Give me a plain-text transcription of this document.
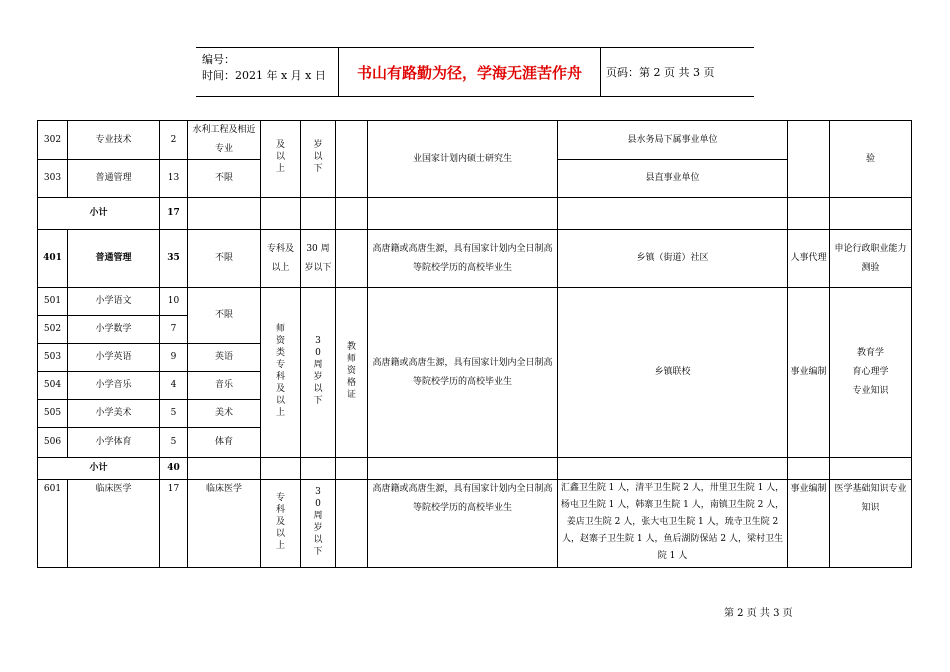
编号：
时间：2021 年 x 月 x 日	书山有路勤为径，学海无涯苦作舟	页码：第 2 页 共 3 页
302	专业技术	2	水利工程及相近专业	及以上	岁以下		业国家计划内硕士研究生	县水务局下属事业单位		验
303	普通管理	13	不限					县直事业单位		
小计		17								
401	普通管理	35	不限	专科及以上	30 周岁以下		高唐籍或高唐生源，具有国家计划内全日制高等院校学历的高校毕业生	乡镇（街道）社区	人事代理	申论行政职业能力测验
501	小学语文	10	不限	师资类专科及以上	30 周岁以下	教师资格证	高唐籍或高唐生源，具有国家计划内全日制高等院校学历的高校毕业生	乡镇联校	事业编制	教育学
育心理学
专业知识

502	小学数学	7								
503	小学英语	9	英语							
504	小学音乐	4	音乐							
505	小学美术	5	美术							
506	小学体育	5	体育							
小计		40								
601	临床医学	17	临床医学	专科及以上	30 周岁以下		高唐籍或高唐生源，具有国家计划内全日制高等院校学历的高校毕业生	汇鑫卫生院 1 人，清平卫生院 2 人，卅里卫生院 1 人，杨屯卫生院 1 人，韩寨卫生院 1 人，南镇卫生院 2 人，姜店卫生院 2 人，张大屯卫生院 1 人，琉寺卫生院 2 人，赵寨子卫生院 1 人，鱼后湖防保站 2 人，梁村卫生院 1 人	事业编制	医学基础知识专业知识
第 2 页 共 3 页
